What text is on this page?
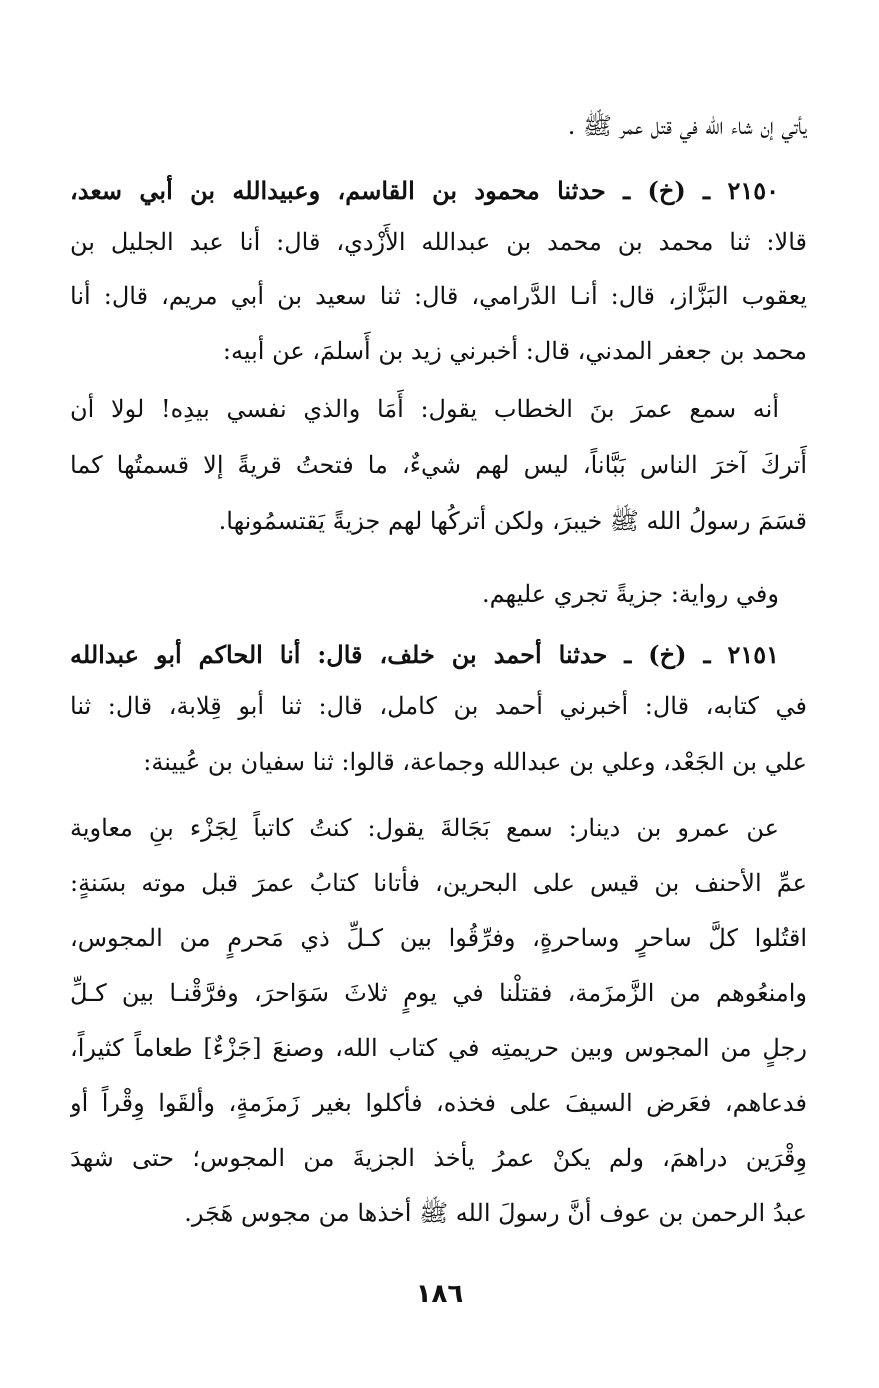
يأتي إن شاء الله في قتل عمر ﷺ .
٢١٥٠ ـ (خ) ـ حدثنا محمود بن القاسم، وعبيدالله بن أبي سعد،
قالا: ثنا محمد بن محمد بن عبدالله الأَزْدي، قال: أنا عبد الجليل بن
يعقوب البَزَّاز، قال: أنـا الدَّرامي، قال: ثنا سعيد بن أبي مريم، قال: أنا
محمد بن جعفر المدني، قال: أخبرني زيد بن أَسلمَ، عن أبيه:
أنه سمع عمرَ بنَ الخطاب يقول: أَمَا والذي نفسي بيدِه! لولا أن
أَتركَ آخرَ الناس بَبَّاناً، ليس لهم شيءٌ، ما فتحتُ قريةً إلا قسمتُها كما
قسَمَ رسولُ الله ﷺ خيبرَ، ولكن أتركُها لهم جزيةً يَقتسمُونها.
وفي رواية: جزيةً تجري عليهم.
٢١٥١ ـ (خ) ـ حدثنا أحمد بن خلف، قال: أنا الحاكم أبو عبدالله
في كتابه، قال: أخبرني أحمد بن كامل، قال: ثنا أبو قِلابة، قال: ثنا
علي بن الجَعْد، وعلي بن عبدالله وجماعة، قالوا: ثنا سفيان بن عُيينة:
عن عمرو بن دينار: سمع بَجَالةَ يقول: كنتُ كاتباً لِجَزْء بنِ معاوية
عمِّ الأحنف بن قيس على البحرين، فأتانا كتابُ عمرَ قبل موته بسَنةٍ:
اقتُلوا كلَّ ساحرٍ وساحرةٍ، وفرِّقُوا بين كـلِّ ذي مَحرمٍ من المجوس،
وامنعُوهم من الزَّمزَمة، فقتلْنا في يومٍ ثلاثَ سَوَاحرَ، وفرَّقْنـا بين كـلِّ
رجلٍ من المجوس وبين حريمتِه في كتاب الله، وصنعَ [جَزْءٌ] طعاماً كثيراً،
فدعاهم، فعَرض السيفَ على فخذه، فأكلوا بغير زَمزَمةٍ، وألقَوا وِقْراً أو
وِقْرَين دراهمَ، ولم يكنْ عمرُ يأخذ الجزيةَ من المجوس؛ حتى شهدَ
عبدُ الرحمن بن عوف أنَّ رسولَ الله ﷺ أخذها من مجوس هَجَر.
١٨٦
